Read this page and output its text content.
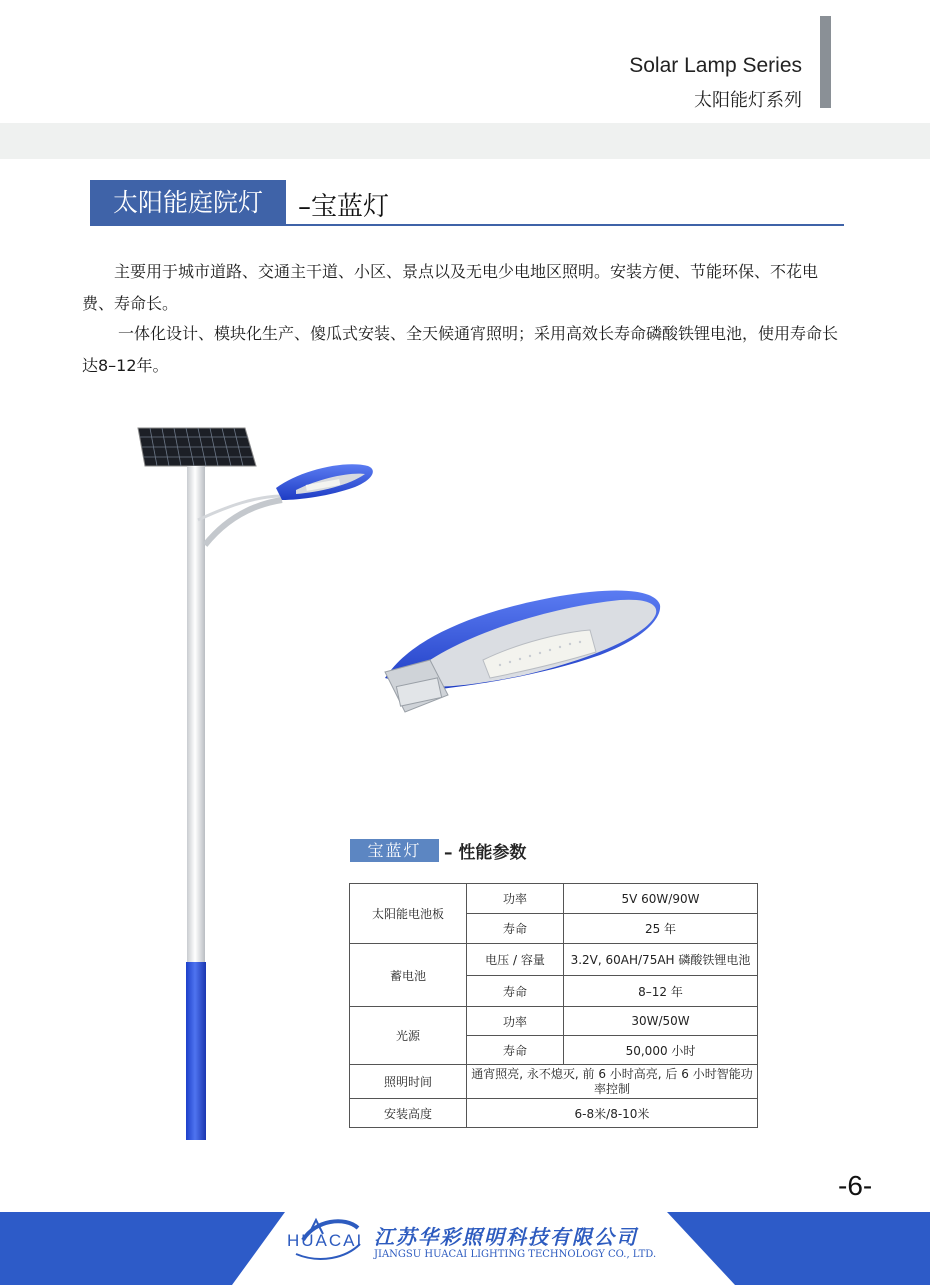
Solar Lamp Series
太阳能灯系列
太阳能庭院灯	–宝蓝灯

主要用于城市道路、交通主干道、小区、景点以及无电少电地区照明。安装方便、节能环保、不花电费、寿命长。

一体化设计、模块化生产、傻瓜式安装、全天候通宵照明；采用高效长寿命磷酸铁锂电池，使用寿命长达8–12年。

宝蓝灯	– 性能参数
太阳能电池板	功率	5V 60W/90W
	寿命	25 年
蓄电池	电压 / 容量	3.2V, 60AH/75AH 磷酸铁锂电池
	寿命	8–12 年
光源	功率	30W/50W
	寿命	50,000 小时
照明时间	通宵照亮, 永不熄灭, 前 6 小时高亮, 后 6 小时智能功率控制	
安装高度	6-8米/8-10米	
-6-
HUACAI 江苏华彩照明科技有限公司
JIANGSU HUACAI LIGHTING TECHNOLOGY CO., LTD.
